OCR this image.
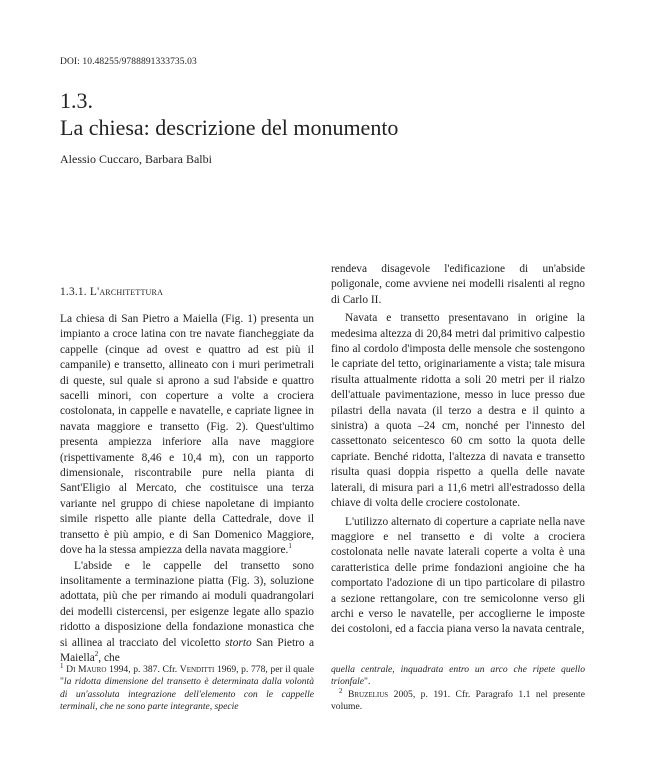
DOI: 10.48255/9788891333735.03
1.3.
La chiesa: descrizione del monumento
Alessio Cuccaro, Barbara Balbi
1.3.1. L'architettura

La chiesa di San Pietro a Maiella (Fig. 1) presenta un impianto a croce latina con tre navate fiancheggiate da cappelle (cinque ad ovest e quattro ad est più il campanile) e transetto, allineato con i muri perimetrali di queste, sul quale si aprono a sud l'abside e quattro sacelli minori, con coperture a volte a crociera costolonata, in cappelle e navatelle, e capriate lignee in navata maggiore e transetto (Fig. 2). Quest'ultimo presenta ampiezza inferiore alla nave maggiore (rispettivamente 8,46 e 10,4 m), con un rapporto dimensionale, riscontrabile pure nella pianta di Sant'Eligio al Mercato, che costituisce una terza variante nel gruppo di chiese napoletane di impianto simile rispetto alle piante della Cattedrale, dove il transetto è più ampio, e di San Domenico Maggiore, dove ha la stessa ampiezza della navata maggiore.$^1$

L'abside e le cappelle del transetto sono insolitamente a terminazione piatta (Fig. 3), soluzione adottata, più che per rimando ai moduli quadrangolari dei modelli cistercensi, per esigenze legate allo spazio ridotto a disposizione della fondazione monastica che si allinea al tracciato del vicoletto storto San Pietro a Maiella$^2$, che

rendeva disagevole l'edificazione di un'abside poligonale, come avviene nei modelli risalenti al regno di Carlo II.

Navata e transetto presentavano in origine la medesima altezza di 20,84 metri dal primitivo calpestio fino al cordolo d'imposta delle mensole che sostengono le capriate del tetto, originariamente a vista; tale misura risulta attualmente ridotta a soli 20 metri per il rialzo dell'attuale pavimentazione, messo in luce presso due pilastri della navata (il terzo a destra e il quinto a sinistra) a quota –24 cm, nonché per l'innesto del cassettonato seicentesco 60 cm sotto la quota delle capriate. Benché ridotta, l'altezza di navata e transetto risulta quasi doppia rispetto a quella delle navate laterali, di misura pari a 11,6 metri all'estradosso della chiave di volta delle crociere costolonate.

L'utilizzo alternato di coperture a capriate nella nave maggiore e nel transetto e di volte a crociera costolonata nelle navate laterali coperte a volta è una caratteristica delle prime fondazioni angioine che ha comportato l'adozione di un tipo particolare di pilastro a sezione rettangolare, con tre semicolonne verso gli archi e verso le navatelle, per accoglierne le imposte dei costoloni, ed a faccia piana verso la navata centrale,

$^1$ Di Mauro 1994, p. 387. Cfr. Venditti 1969, p. 778, per il quale "la ridotta dimensione del transetto è determinata dalla volontà di un'assoluta integrazione dell'elemento con le cappelle terminali, che ne sono parte integrante, specie
quella centrale, inquadrata entro un arco che ripete quello trionfale".
$^2$ Bruzelius 2005, p. 191. Cfr. Paragrafo 1.1 nel presente volume.
